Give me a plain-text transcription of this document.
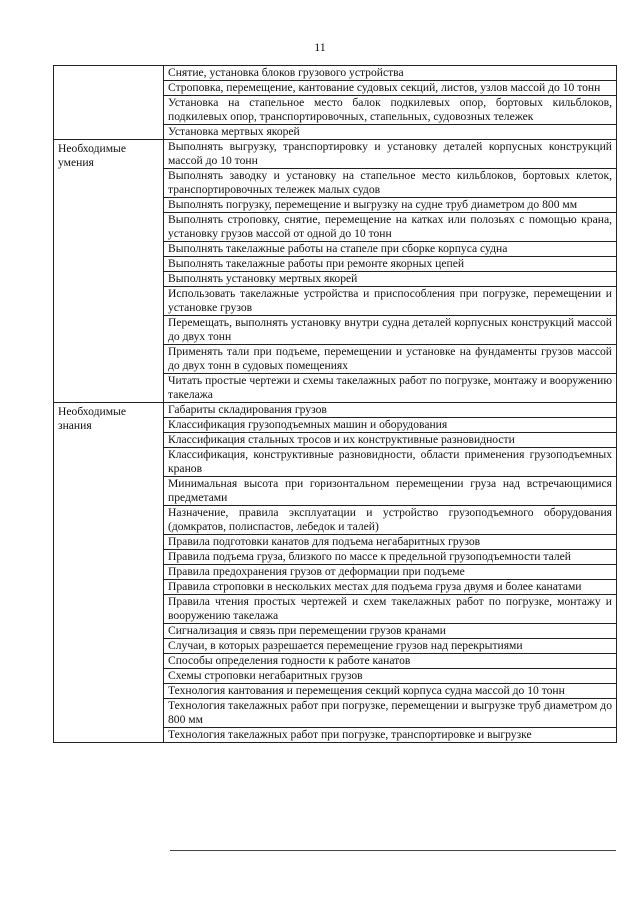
11
	Снятие, установка блоков грузового устройства
	Строповка, перемещение, кантование судовых секций, листов, узлов массой до 10 тонн
	Установка на стапельное место балок подкилевых опор, бортовых кильблоков, подкилевых опор, транспортировочных, стапельных, судовозных тележек
	Установка мертвых якорей
Необходимые умения	Выполнять выгрузку, транспортировку и установку деталей корпусных конструкций массой до 10 тонн
	Выполнять заводку и установку на стапельное место кильблоков, бортовых клеток, транспортировочных тележек малых судов
	Выполнять погрузку, перемещение и выгрузку на судне труб диаметром до 800 мм
	Выполнять строповку, снятие, перемещение на катках или полозьях с помощью крана, установку грузов массой от одной до 10 тонн
	Выполнять такелажные работы на стапеле при сборке корпуса судна
	Выполнять такелажные работы при ремонте якорных цепей
	Выполнять установку мертвых якорей
	Использовать такелажные устройства и приспособления при погрузке, перемещении и установке грузов
	Перемещать, выполнять установку внутри судна деталей корпусных конструкций массой до двух тонн
	Применять тали при подъеме, перемещении и установке на фундаменты грузов массой до двух тонн в судовых помещениях
	Читать простые чертежи и схемы такелажных работ по погрузке, монтажу и вооружению такелажа
Необходимые знания	Габариты складирования грузов
	Классификация грузоподъемных машин и оборудования
	Классификация стальных тросов и их конструктивные разновидности
	Классификация, конструктивные разновидности, области применения грузоподъемных кранов
	Минимальная высота при горизонтальном перемещении груза над встречающимися предметами
	Назначение, правила эксплуатации и устройство грузоподъемного оборудования (домкратов, полиспастов, лебедок и талей)
	Правила подготовки канатов для подъема негабаритных грузов
	Правила подъема груза, близкого по массе к предельной грузоподъемности талей
	Правила предохранения грузов от деформации при подъеме
	Правила строповки в нескольких местах для подъема груза двумя и более канатами
	Правила чтения простых чертежей и схем такелажных работ по погрузке, монтажу и вооружению такелажа
	Сигнализация и связь при перемещении грузов кранами
	Случаи, в которых разрешается перемещение грузов над перекрытиями
	Способы определения годности к работе канатов
	Схемы строповки негабаритных грузов
	Технология кантования и перемещения секций корпуса судна массой до 10 тонн
	Технология такелажных работ при погрузке, перемещении и выгрузке труб диаметром до 800 мм
	Технология такелажных работ при погрузке, транспортировке и выгрузке
